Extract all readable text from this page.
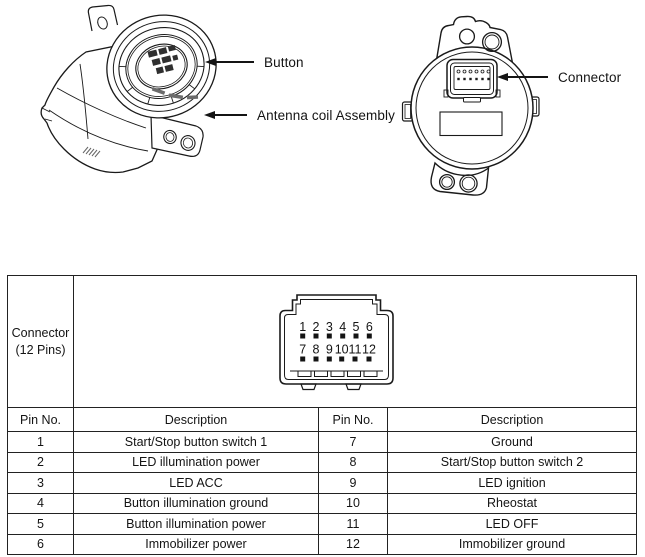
Button
Antenna coil Assembly
Connector
Connector
(12 Pins)

1 2 3 4 5 6
7 8 9 10 11 12

Pin No.	Description	Pin No.	Description
1	Start/Stop button switch 1	7	Ground
2	LED illumination power	8	Start/Stop button switch 2
3	LED ACC	9	LED ignition
4	Button illumination ground	10	Rheostat
5	Button illumination power	11	LED OFF
6	Immobilizer power	12	Immobilizer ground
